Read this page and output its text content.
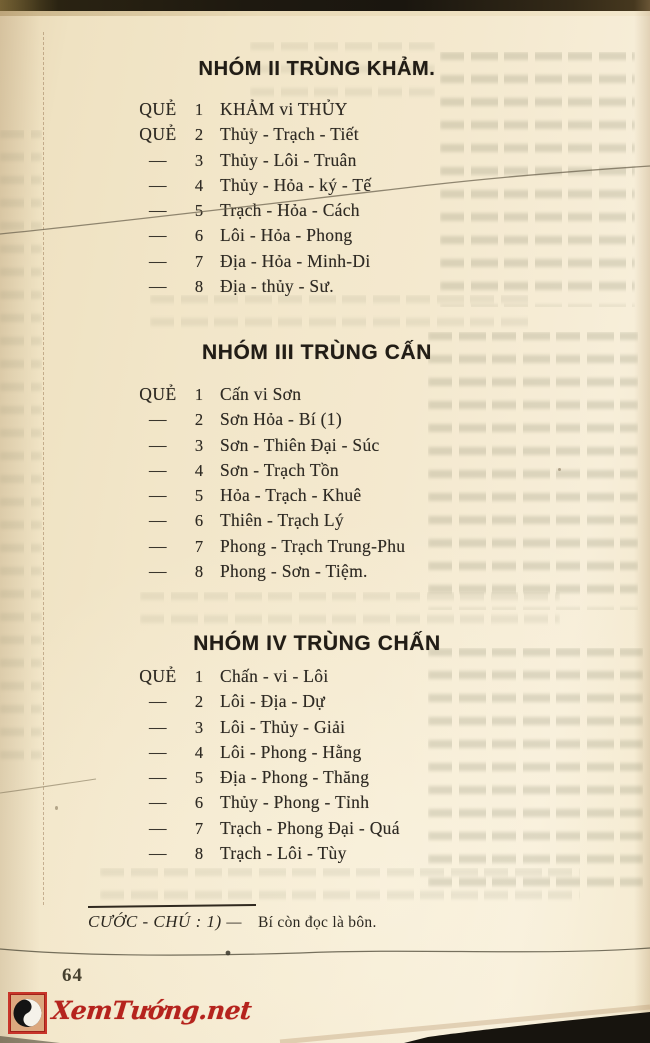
NHÓM II TRÙNG KHẢM.
QUẺ	1 KHẢM vi THỦY
QUẺ	2 Thủy - Trạch - Tiết
—	3 Thủy - Lôi - Truân
—	4 Thủy - Hỏa - ký - Tế
—	5 Trạch - Hỏa - Cách
—	6 Lôi - Hỏa - Phong
—	7 Địa - Hỏa - Minh-Di
—	8 Địa - thủy - Sư.
NHÓM III TRÙNG CẤN
QUẺ	1 Cấn vi Sơn
—	2 Sơn Hỏa - Bí (1)
—	3 Sơn - Thiên Đại - Súc
—	4 Sơn - Trạch Tồn
—	5 Hỏa - Trạch - Khuê
—	6 Thiên - Trạch Lý
—	7 Phong - Trạch Trung-Phu
—	8 Phong - Sơn - Tiệm.
NHÓM IV TRÙNG CHẤN
QUẺ	1 Chấn - vi - Lôi
—	2 Lôi - Địa - Dự
—	3 Lôi - Thủy - Giải
—	4 Lôi - Phong - Hằng
—	5 Địa - Phong - Thăng
—	6 Thủy - Phong - Tỉnh
—	7 Trạch - Phong Đại - Quá
—	8 Trạch - Lôi - Tùy
CƯỚC - CHÚ : 1) — Bí còn đọc là bôn.
64
XemTướng.net
